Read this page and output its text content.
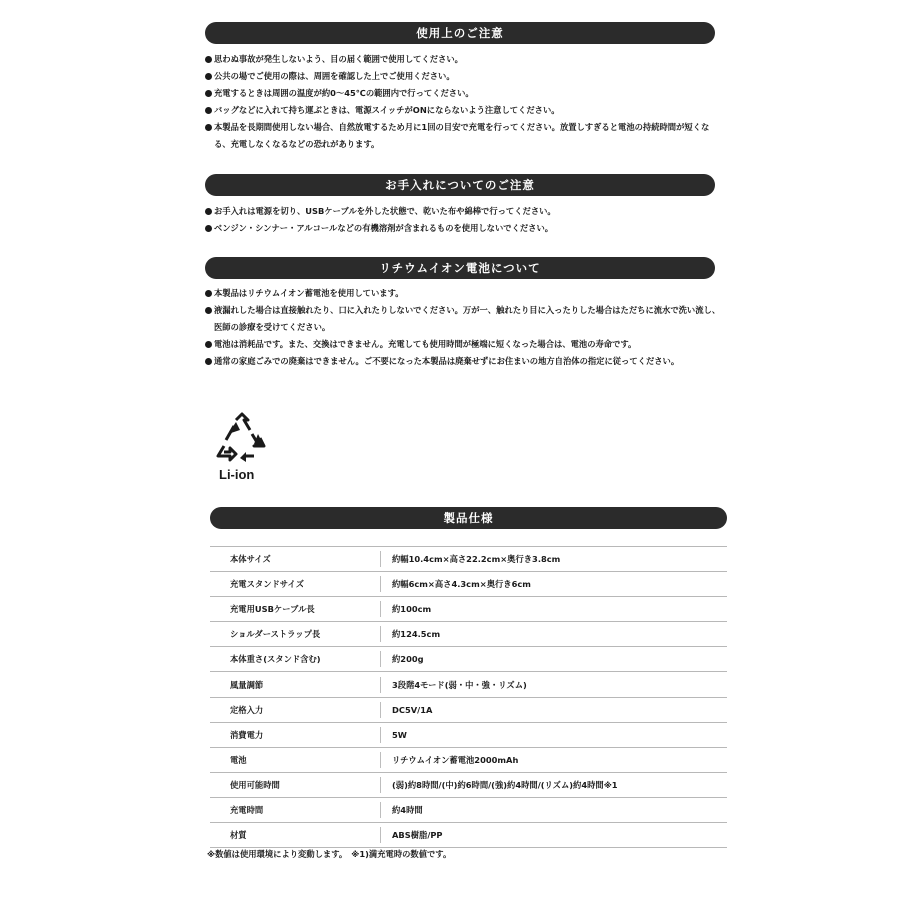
使用上のご注意
思わぬ事故が発生しないよう、目の届く範囲で使用してください。
公共の場でご使用の際は、周囲を確認した上でご使用ください。
充電するときは周囲の温度が約0～45℃の範囲内で行ってください。
バッグなどに入れて持ち運ぶときは、電源スイッチがONにならないよう注意してください。
本製品を長期間使用しない場合、自然放電するため月に1回の目安で充電を行ってください。放置しすぎると電池の持続時間が短くなる、充電しなくなるなどの恐れがあります。
お手入れについてのご注意
お手入れは電源を切り、USBケーブルを外した状態で、乾いた布や綿棒で行ってください。
ベンジン・シンナー・アルコールなどの有機溶剤が含まれるものを使用しないでください。
リチウムイオン電池について
本製品はリチウムイオン蓄電池を使用しています。
液漏れした場合は直接触れたり、口に入れたりしないでください。万が一、触れたり目に入ったりした場合はただちに流水で洗い流し、医師の診療を受けてください。
電池は消耗品です。また、交換はできません。充電しても使用時間が極端に短くなった場合は、電池の寿命です。
通常の家庭ごみでの廃棄はできません。ご不要になった本製品は廃棄せずにお住まいの地方自治体の指定に従ってください。
Li-ion
製品仕様
本体サイズ		約幅10.4cm×高さ22.2cm×奥行き3.8cm
充電スタンドサイズ		約幅6cm×高さ4.3cm×奥行き6cm
充電用USBケーブル長		約100cm
ショルダーストラップ長		約124.5cm
本体重さ(スタンド含む)		約200g
風量調節		3段階4モード(弱・中・強・リズム)
定格入力		DC5V/1A
消費電力		5W
電池		リチウムイオン蓄電池2000mAh
使用可能時間		(弱)約8時間/(中)約6時間/(強)約4時間/(リズム)約4時間※1
充電時間		約4時間
材質		ABS樹脂/PP
※数値は使用環境により変動します。　※1)満充電時の数値です。
